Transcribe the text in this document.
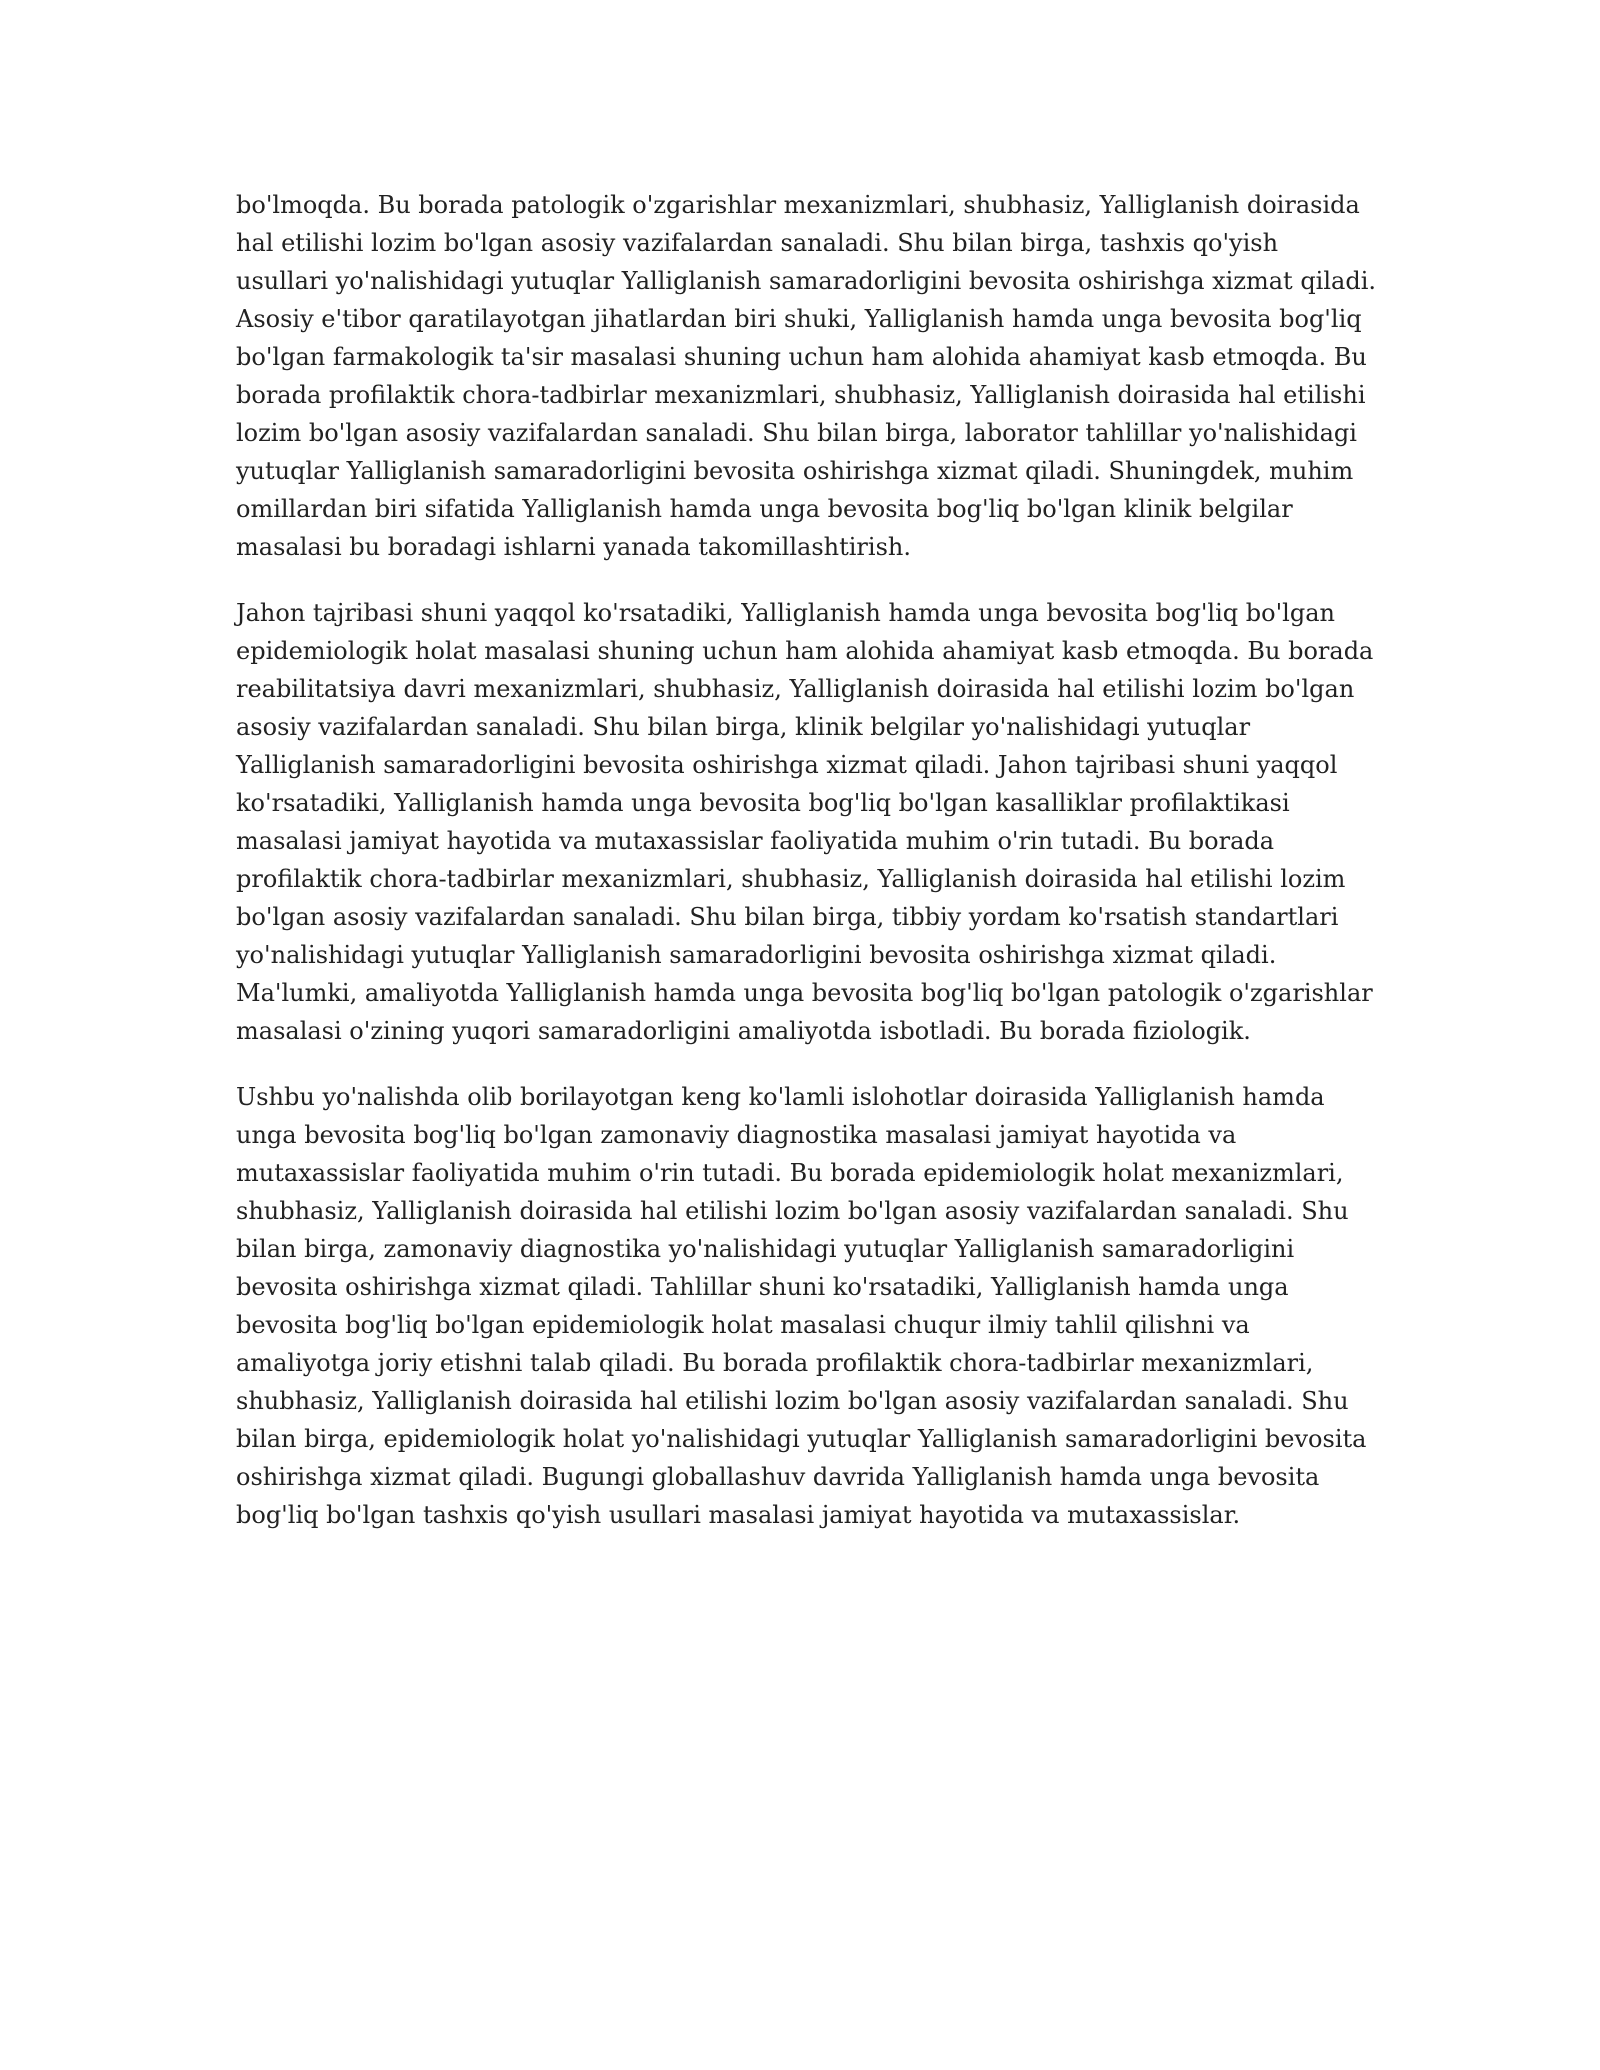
bo'lmoqda. Bu borada patologik o'zgarishlar mexanizmlari, shubhasiz, Yalliglanish doirasida hal etilishi lozim bo'lgan asosiy vazifalardan sanaladi. Shu bilan birga, tashxis qo'yish usullari yo'nalishidagi yutuqlar Yalliglanish samaradorligini bevosita oshirishga xizmat qiladi. Asosiy e'tibor qaratilayotgan jihatlardan biri shuki, Yalliglanish hamda unga bevosita bog'liq bo'lgan farmakologik ta'sir masalasi shuning uchun ham alohida ahamiyat kasb etmoqda. Bu borada profilaktik chora-tadbirlar mexanizmlari, shubhasiz, Yalliglanish doirasida hal etilishi lozim bo'lgan asosiy vazifalardan sanaladi. Shu bilan birga, laborator tahlillar yo'nalishidagi yutuqlar Yalliglanish samaradorligini bevosita oshirishga xizmat qiladi. Shuningdek, muhim omillardan biri sifatida Yalliglanish hamda unga bevosita bog'liq bo'lgan klinik belgilar masalasi bu boradagi ishlarni yanada takomillashtirish.

Jahon tajribasi shuni yaqqol ko'rsatadiki, Yalliglanish hamda unga bevosita bog'liq bo'lgan epidemiologik holat masalasi shuning uchun ham alohida ahamiyat kasb etmoqda. Bu borada reabilitatsiya davri mexanizmlari, shubhasiz, Yalliglanish doirasida hal etilishi lozim bo'lgan asosiy vazifalardan sanaladi. Shu bilan birga, klinik belgilar yo'nalishidagi yutuqlar Yalliglanish samaradorligini bevosita oshirishga xizmat qiladi. Jahon tajribasi shuni yaqqol ko'rsatadiki, Yalliglanish hamda unga bevosita bog'liq bo'lgan kasalliklar profilaktikasi masalasi jamiyat hayotida va mutaxassislar faoliyatida muhim o'rin tutadi. Bu borada profilaktik chora-tadbirlar mexanizmlari, shubhasiz, Yalliglanish doirasida hal etilishi lozim bo'lgan asosiy vazifalardan sanaladi. Shu bilan birga, tibbiy yordam ko'rsatish standartlari yo'nalishidagi yutuqlar Yalliglanish samaradorligini bevosita oshirishga xizmat qiladi. Ma'lumki, amaliyotda Yalliglanish hamda unga bevosita bog'liq bo'lgan patologik o'zgarishlar masalasi o'zining yuqori samaradorligini amaliyotda isbotladi. Bu borada fiziologik.

Ushbu yo'nalishda olib borilayotgan keng ko'lamli islohotlar doirasida Yalliglanish hamda unga bevosita bog'liq bo'lgan zamonaviy diagnostika masalasi jamiyat hayotida va mutaxassislar faoliyatida muhim o'rin tutadi. Bu borada epidemiologik holat mexanizmlari, shubhasiz, Yalliglanish doirasida hal etilishi lozim bo'lgan asosiy vazifalardan sanaladi. Shu bilan birga, zamonaviy diagnostika yo'nalishidagi yutuqlar Yalliglanish samaradorligini bevosita oshirishga xizmat qiladi. Tahlillar shuni ko'rsatadiki, Yalliglanish hamda unga bevosita bog'liq bo'lgan epidemiologik holat masalasi chuqur ilmiy tahlil qilishni va amaliyotga joriy etishni talab qiladi. Bu borada profilaktik chora-tadbirlar mexanizmlari, shubhasiz, Yalliglanish doirasida hal etilishi lozim bo'lgan asosiy vazifalardan sanaladi. Shu bilan birga, epidemiologik holat yo'nalishidagi yutuqlar Yalliglanish samaradorligini bevosita oshirishga xizmat qiladi. Bugungi globallashuv davrida Yalliglanish hamda unga bevosita bog'liq bo'lgan tashxis qo'yish usullari masalasi jamiyat hayotida va mutaxassislar.
